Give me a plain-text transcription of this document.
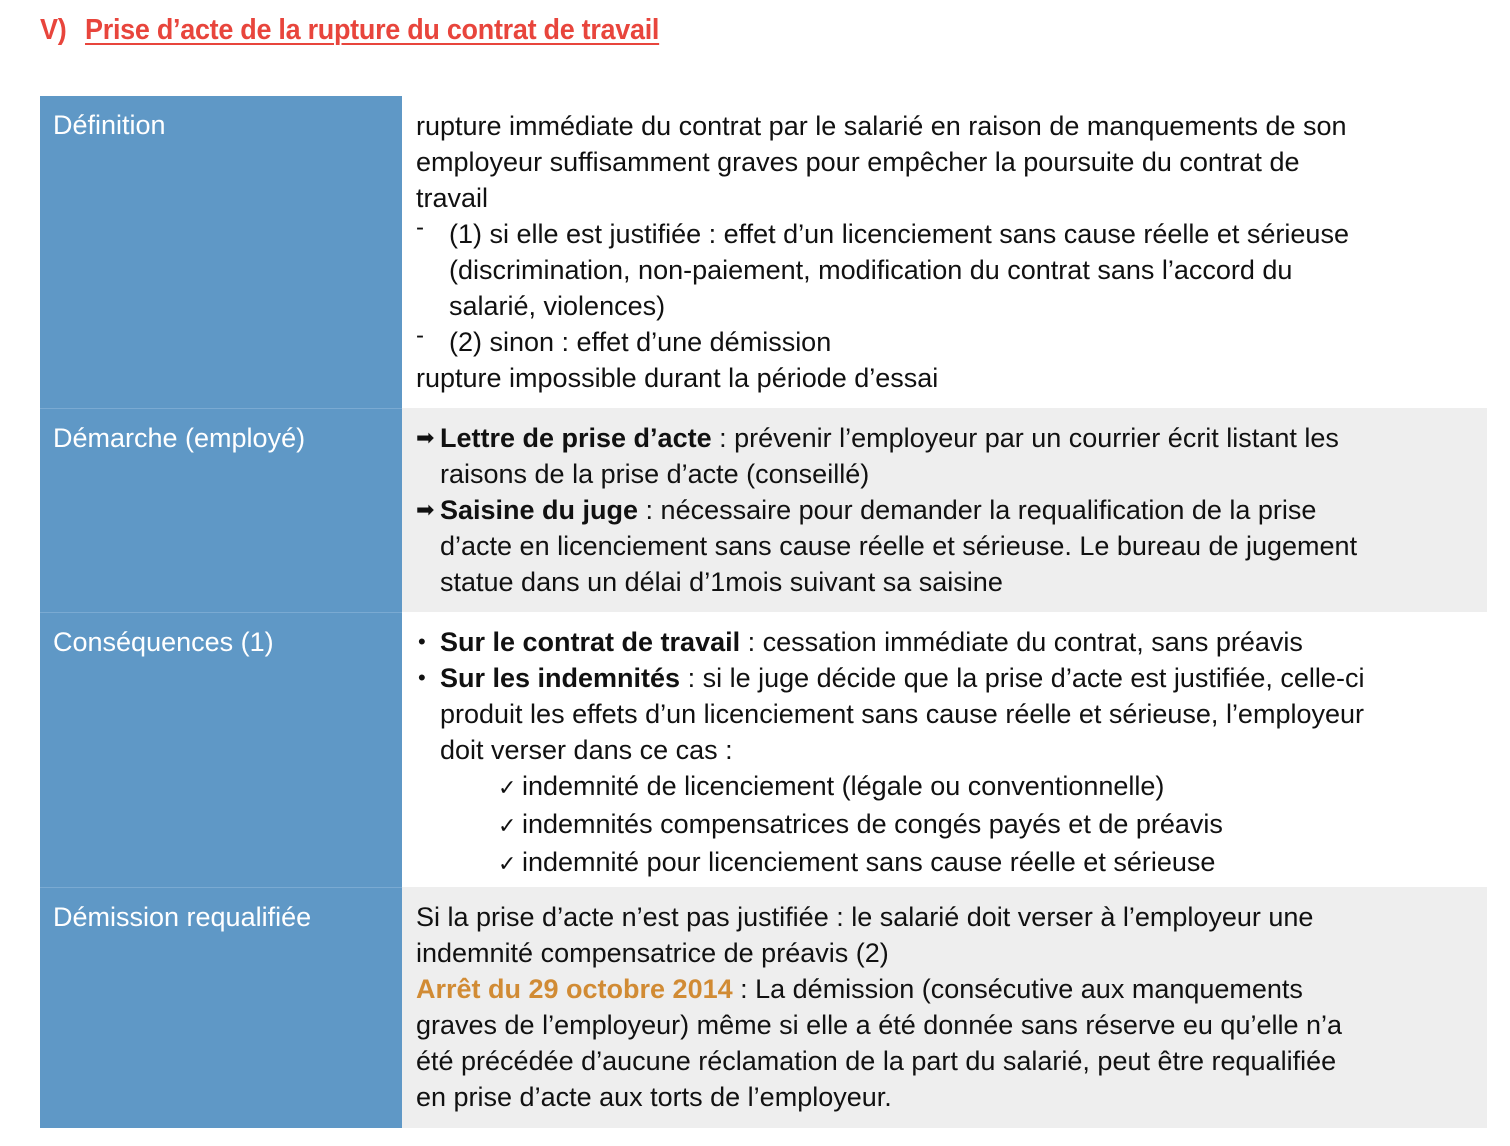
V) Prise d’acte de la rupture du contrat de travail
Définition	rupture immédiate du contrat par le salarié en raison de manquements de son
employeur suffisamment graves pour empêcher la poursuite du contrat de
travail
- (1) si elle est justifiée : effet d’un licenciement sans cause réelle et sérieuse
(discrimination, non-paiement, modification du contrat sans l’accord du
salarié, violences)
- (2) sinon : effet d’une démission
rupture impossible durant la période d’essai
Démarche (employé)	➡ Lettre de prise d’acte : prévenir l’employeur par un courrier écrit listant les
raisons de la prise d’acte (conseillé)
➡ Saisine du juge : nécessaire pour demander la requalification de la prise
d’acte en licenciement sans cause réelle et sérieuse. Le bureau de jugement
statue dans un délai d’1mois suivant sa saisine
Conséquences (1)	• Sur le contrat de travail : cessation immédiate du contrat, sans préavis
• Sur les indemnités : si le juge décide que la prise d’acte est justifiée, celle-ci
produit les effets d’un licenciement sans cause réelle et sérieuse, l’employeur
doit verser dans ce cas :
✓ indemnité de licenciement (légale ou conventionnelle)
✓ indemnités compensatrices de congés payés et de préavis
✓ indemnité pour licenciement sans cause réelle et sérieuse
Démission requalifiée	Si la prise d’acte n’est pas justifiée : le salarié doit verser à l’employeur une
indemnité compensatrice de préavis (2)
Arrêt du 29 octobre 2014 : La démission (consécutive aux manquements
graves de l’employeur) même si elle a été donnée sans réserve eu qu’elle n’a
été précédée d’aucune réclamation de la part du salarié, peut être requalifiée
en prise d’acte aux torts de l’employeur.
